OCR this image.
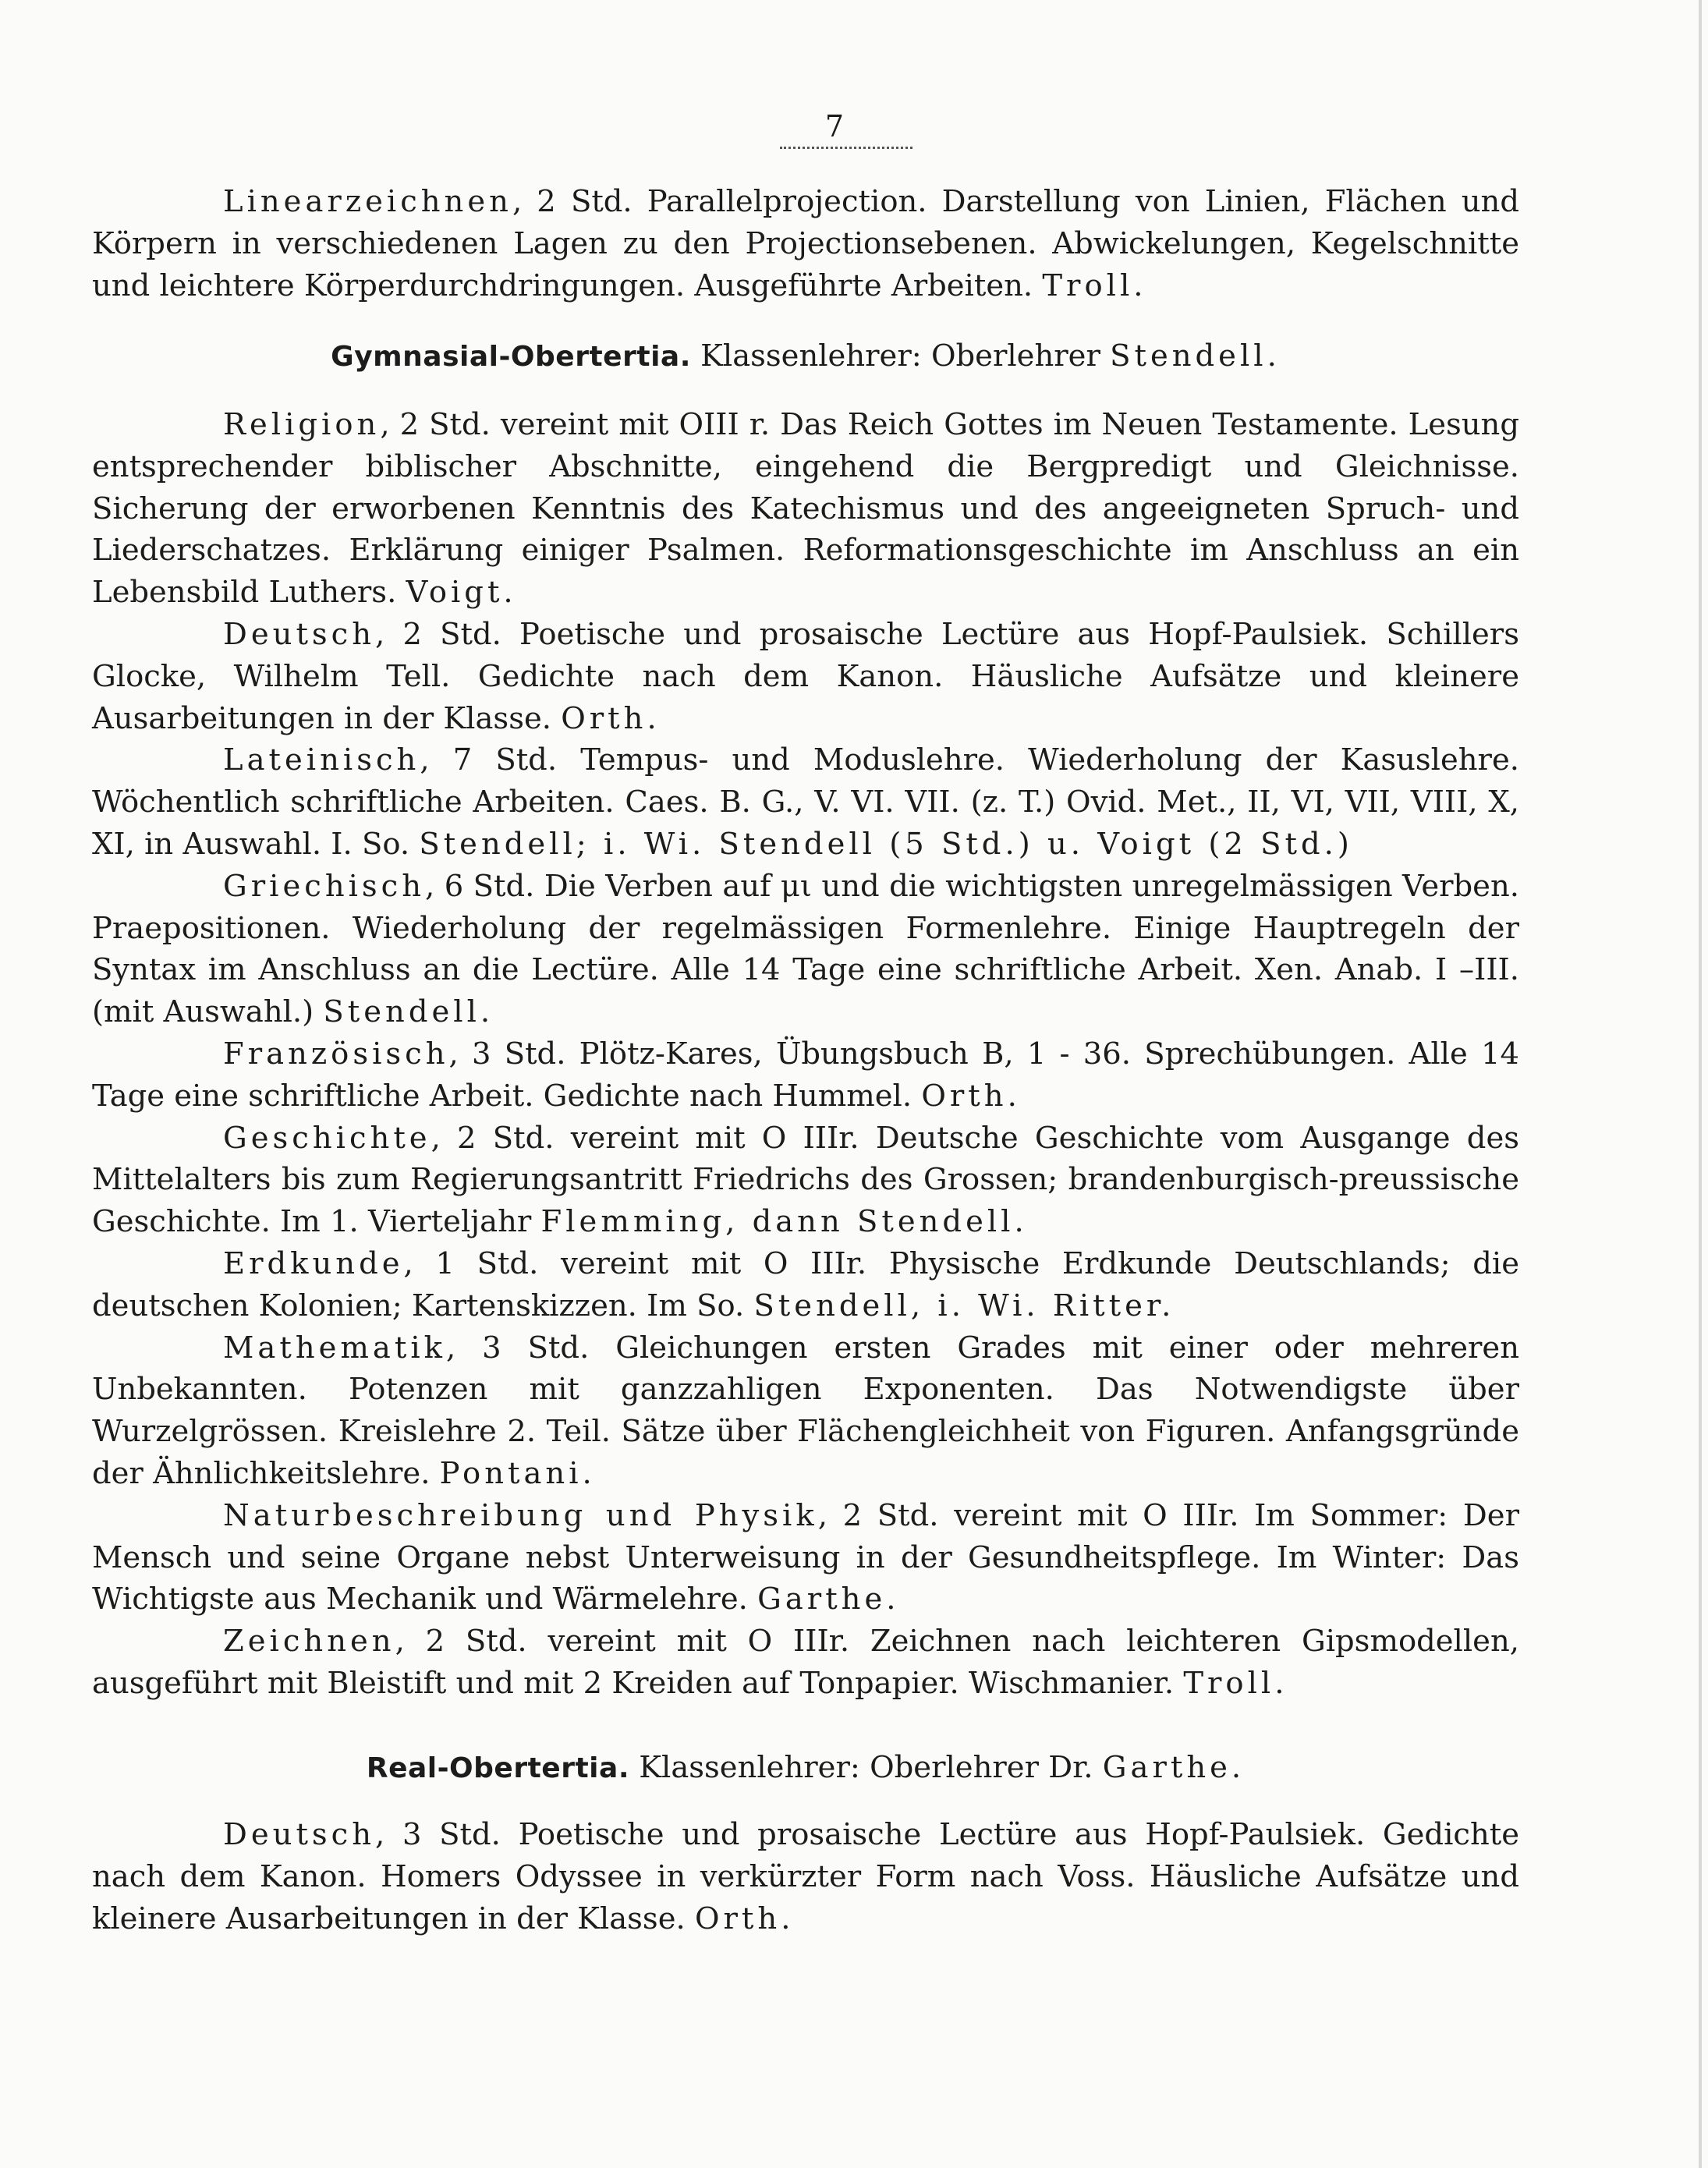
7

Linearzeichnen, 2 Std. Parallelprojection. Darstellung von Linien, Flächen und Körpern in verschiedenen Lagen zu den Projectionsebenen. Abwickelungen, Kegelschnitte und leichtere Körperdurchdringungen. Ausgeführte Arbeiten. Troll.

Gymnasial-Obertertia. Klassenlehrer: Oberlehrer Stendell.

Religion, 2 Std. vereint mit OIII r. Das Reich Gottes im Neuen Testamente. Lesung entsprechender biblischer Abschnitte, eingehend die Bergpredigt und Gleichnisse. Sicherung der erworbenen Kenntnis des Katechismus und des angeeigneten Spruch- und Liederschatzes. Erklärung einiger Psalmen. Reformationsgeschichte im Anschluss an ein Lebensbild Luthers. Voigt.

Deutsch, 2 Std. Poetische und prosaische Lectüre aus Hopf-Paulsiek. Schillers Glocke, Wilhelm Tell. Gedichte nach dem Kanon. Häusliche Aufsätze und kleinere Ausarbeitungen in der Klasse. Orth.

Lateinisch, 7 Std. Tempus- und Moduslehre. Wiederholung der Kasuslehre. Wöchentlich schriftliche Arbeiten. Caes. B. G., V. VI. VII. (z. T.) Ovid. Met., II, VI, VII, VIII, X, XI, in Auswahl. I. So. Stendell; i. Wi. Stendell (5 Std.) u. Voigt (2 Std.)

Griechisch, 6 Std. Die Verben auf μι und die wichtigsten unregelmässigen Verben. Praepositionen. Wiederholung der regelmässigen Formenlehre. Einige Hauptregeln der Syntax im Anschluss an die Lectüre. Alle 14 Tage eine schriftliche Arbeit. Xen. Anab. I –III. (mit Auswahl.) Stendell.

Französisch, 3 Std. Plötz-Kares, Übungsbuch B, 1 - 36. Sprechübungen. Alle 14 Tage eine schriftliche Arbeit. Gedichte nach Hummel. Orth.

Geschichte, 2 Std. vereint mit O IIIr. Deutsche Geschichte vom Ausgange des Mittelalters bis zum Regierungsantritt Friedrichs des Grossen; brandenburgisch-preussische Geschichte. Im 1. Vierteljahr Flemming, dann Stendell.

Erdkunde, 1 Std. vereint mit O IIIr. Physische Erdkunde Deutschlands; die deutschen Kolonien; Kartenskizzen. Im So. Stendell, i. Wi. Ritter.

Mathematik, 3 Std. Gleichungen ersten Grades mit einer oder mehreren Unbekannten. Potenzen mit ganzzahligen Exponenten. Das Notwendigste über Wurzelgrössen. Kreislehre 2. Teil. Sätze über Flächengleichheit von Figuren. Anfangsgründe der Ähnlichkeitslehre. Pontani.

Naturbeschreibung und Physik, 2 Std. vereint mit O IIIr. Im Sommer: Der Mensch und seine Organe nebst Unterweisung in der Gesundheitspflege. Im Winter: Das Wichtigste aus Mechanik und Wärmelehre. Garthe.

Zeichnen, 2 Std. vereint mit O IIIr. Zeichnen nach leichteren Gipsmodellen, ausgeführt mit Bleistift und mit 2 Kreiden auf Tonpapier. Wischmanier. Troll.

Real-Obertertia. Klassenlehrer: Oberlehrer Dr. Garthe.

Deutsch, 3 Std. Poetische und prosaische Lectüre aus Hopf-Paulsiek. Gedichte nach dem Kanon. Homers Odyssee in verkürzter Form nach Voss. Häusliche Aufsätze und kleinere Ausarbeitungen in der Klasse. Orth.
